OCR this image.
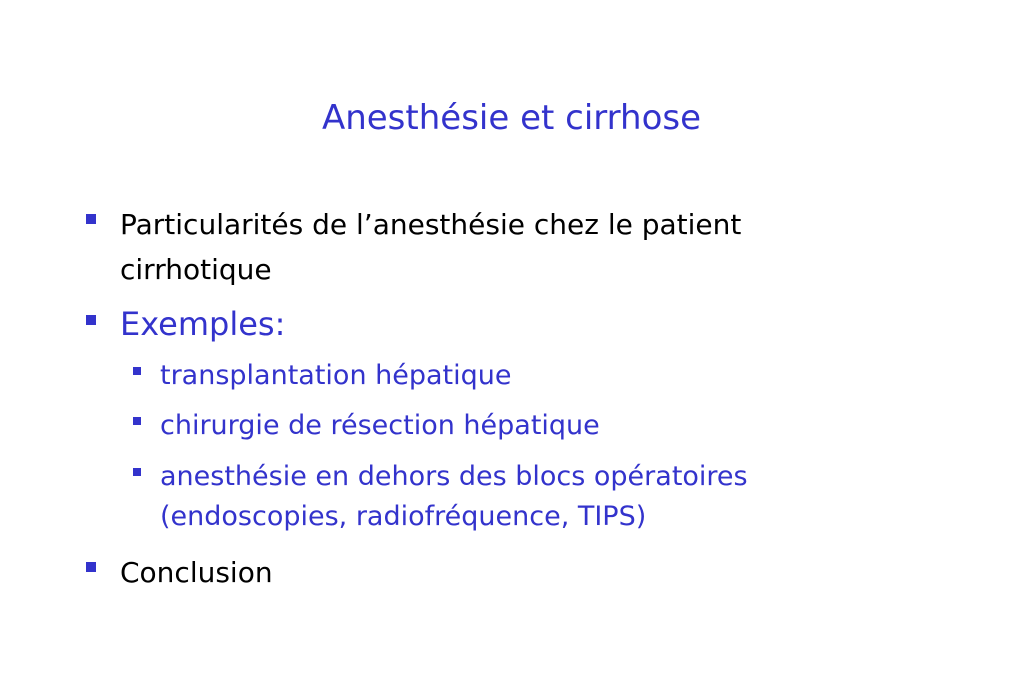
Anesthésie et cirrhose
Particularités de l’anesthésie chez le patient cirrhotique
Exemples:
transplantation hépatique
chirurgie de résection hépatique
anesthésie en dehors des blocs opératoires (endoscopies, radiofréquence, TIPS)
Conclusion
